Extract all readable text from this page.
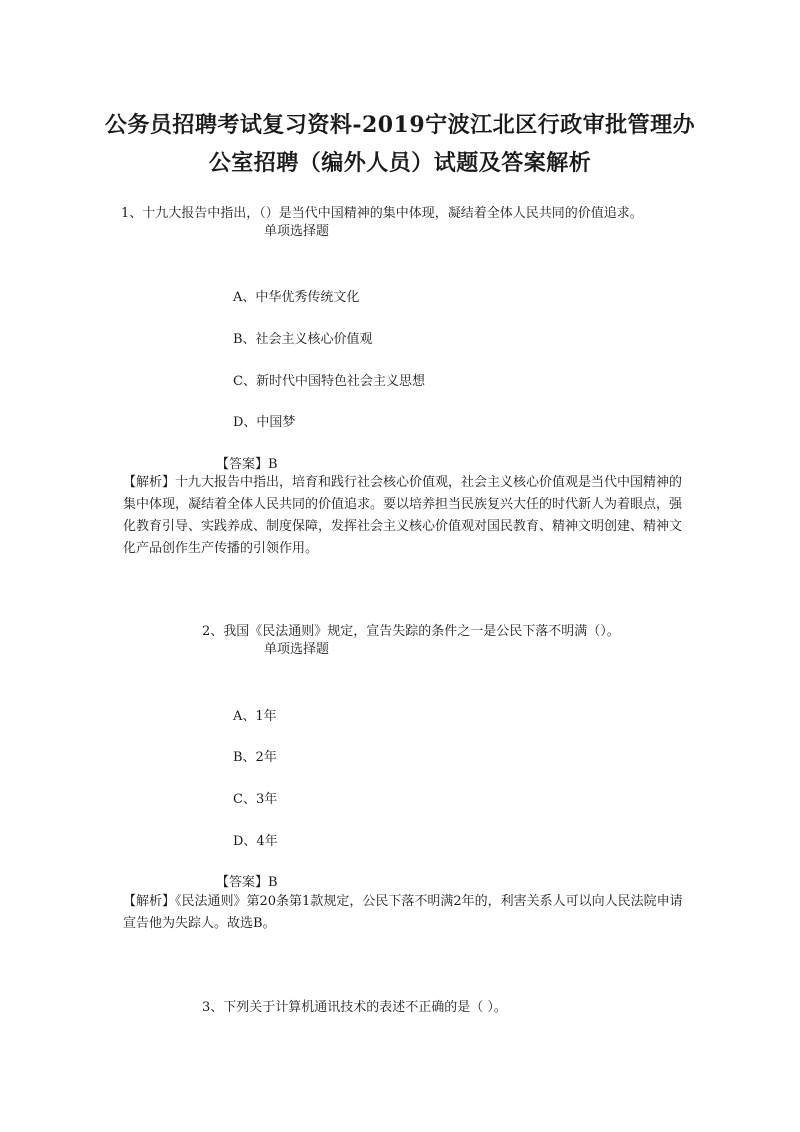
公务员招聘考试复习资料-2019宁波江北区行政审批管理办
公室招聘（编外人员）试题及答案解析
1、十九大报告中指出，（）是当代中国精神的集中体现，凝结着全体人民共同的价值追求。
单项选择题
A、中华优秀传统文化
B、社会主义核心价值观
C、新时代中国特色社会主义思想
D、中国梦
【答案】B
【解析】十九大报告中指出，培育和践行社会核心价值观，社会主义核心价值观是当代中国精神的集中体现，凝结着全体人民共同的价值追求。要以培养担当民族复兴大任的时代新人为着眼点，强化教育引导、实践养成、制度保障，发挥社会主义核心价值观对国民教育、精神文明创建、精神文化产品创作生产传播的引领作用。
2、我国《民法通则》规定，宣告失踪的条件之一是公民下落不明满（）。
单项选择题
A、1年
B、2年
C、3年
D、4年
【答案】B
【解析】《民法通则》第20条第1款规定，公民下落不明满2年的，利害关系人可以向人民法院申请宣告他为失踪人。故选B。
3、下列关于计算机通讯技术的表述不正确的是（ ）。
